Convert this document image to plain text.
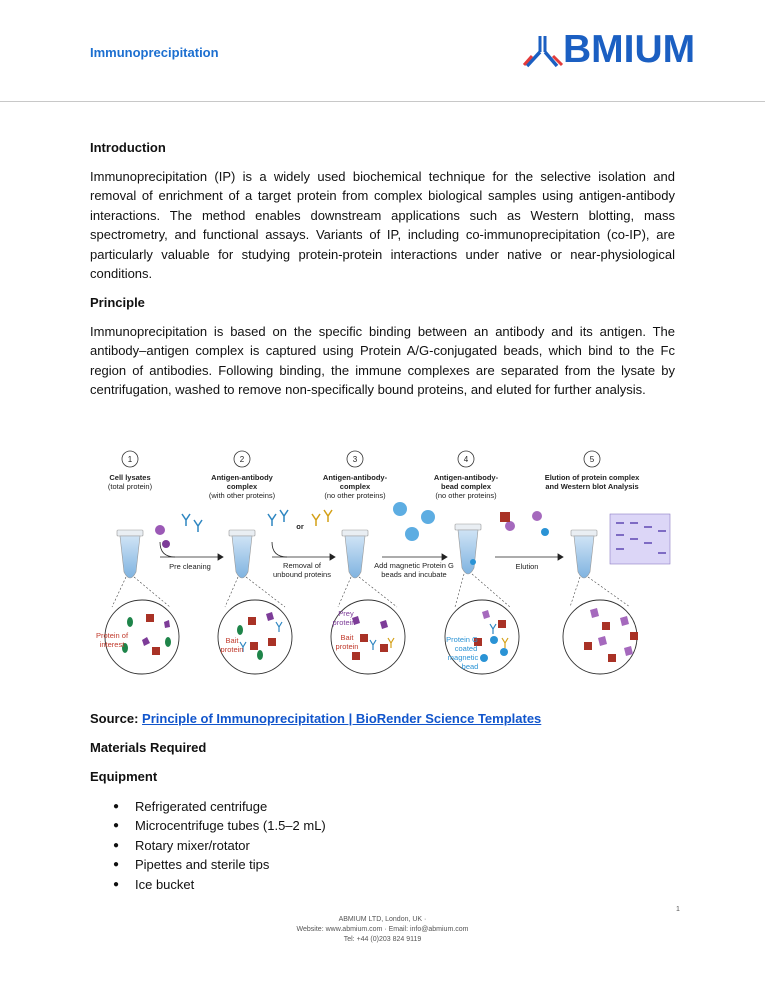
Immunoprecipitation	BMIUM
Introduction
Immunoprecipitation (IP) is a widely used biochemical technique for the selective isolation and removal of enrichment of a target protein from complex biological samples using antigen-antibody interactions. The method enables downstream applications such as Western blotting, mass spectrometry, and functional assays. Variants of IP, including co-immunoprecipitation (co-IP), are particularly valuable for studying protein-protein interactions under native or near-physiological conditions.
Principle
Immunoprecipitation is based on the specific binding between an antibody and its antigen. The antibody–antigen complex is captured using Protein A/G-conjugated beads, which bind to the Fc region of antibodies. Following binding, the immune complexes are separated from the lysate by centrifugation, washed to remove non-specifically bound proteins, and eluted for further analysis.
1
Cell lysates
(total protein)
2
Antigen-antibody
complex
(with other proteins)
3
Antigen-antibody-
complex
(no other proteins)
4
Antigen-antibody-
bead complex
(no other proteins)
5
Elution of protein complex
and Western blot Analysis
Pre cleaning	Removal of
unbound proteins
Add magnetic Protein G
beads and incubate
Elution
or
Protein of
interest	Bait
protein
Prey
protein
Bait
protein
Protein G
coated
magnetic
bead
Source: Principle of Immunoprecipitation | BioRender Science Templates
Materials Required
Equipment
● Refrigerated centrifuge
● Microcentrifuge tubes (1.5–2 mL)
● Rotary mixer/rotator
● Pipettes and sterile tips
● Ice bucket
1
ABMIUM LTD, London, UK ·
Website: www.abmium.com · Email: info@abmium.com
Tel: +44 (0)203 824 9119
